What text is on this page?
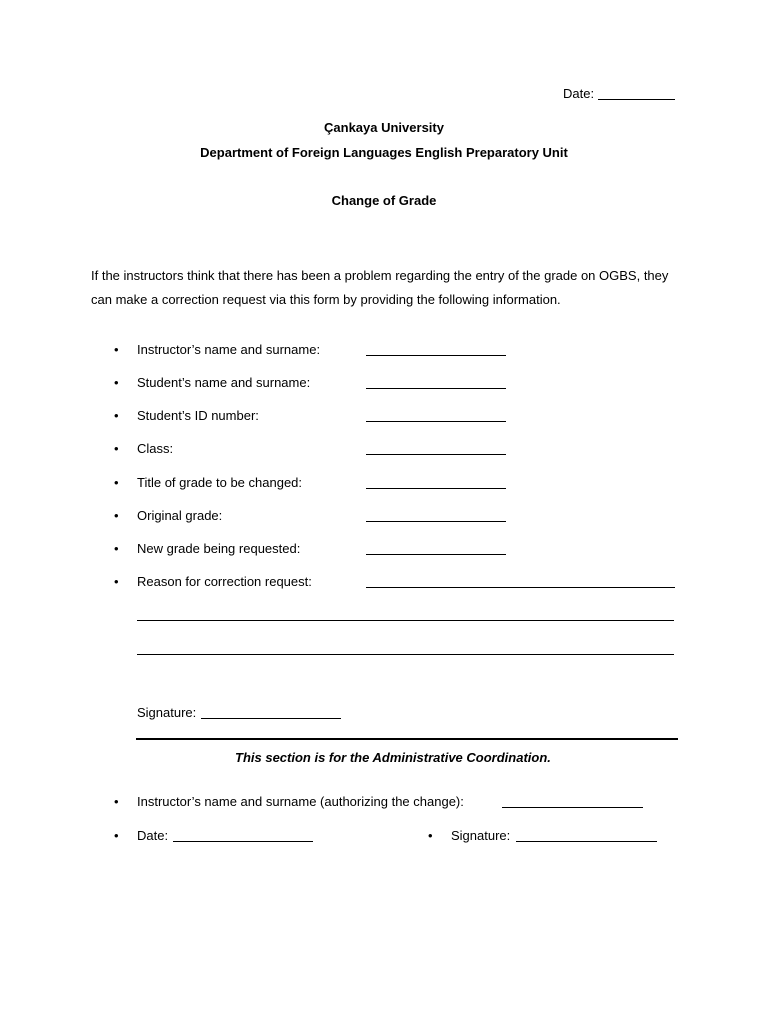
Date:
Çankaya University
Department of Foreign Languages English Preparatory Unit
Change of Grade
If the instructors think that there has been a problem regarding the entry of the grade on OGBS, they
can make a correction request via this form by providing the following information.
• Instructor’s name and surname:
• Student’s name and surname:
• Student’s ID number:
• Class:
• Title of grade to be changed:
• Original grade:
• New grade being requested:
• Reason for correction request:
Signature:
This section is for the Administrative Coordination.
• Instructor’s name and surname (authorizing the change):
• Date:	• Signature:
